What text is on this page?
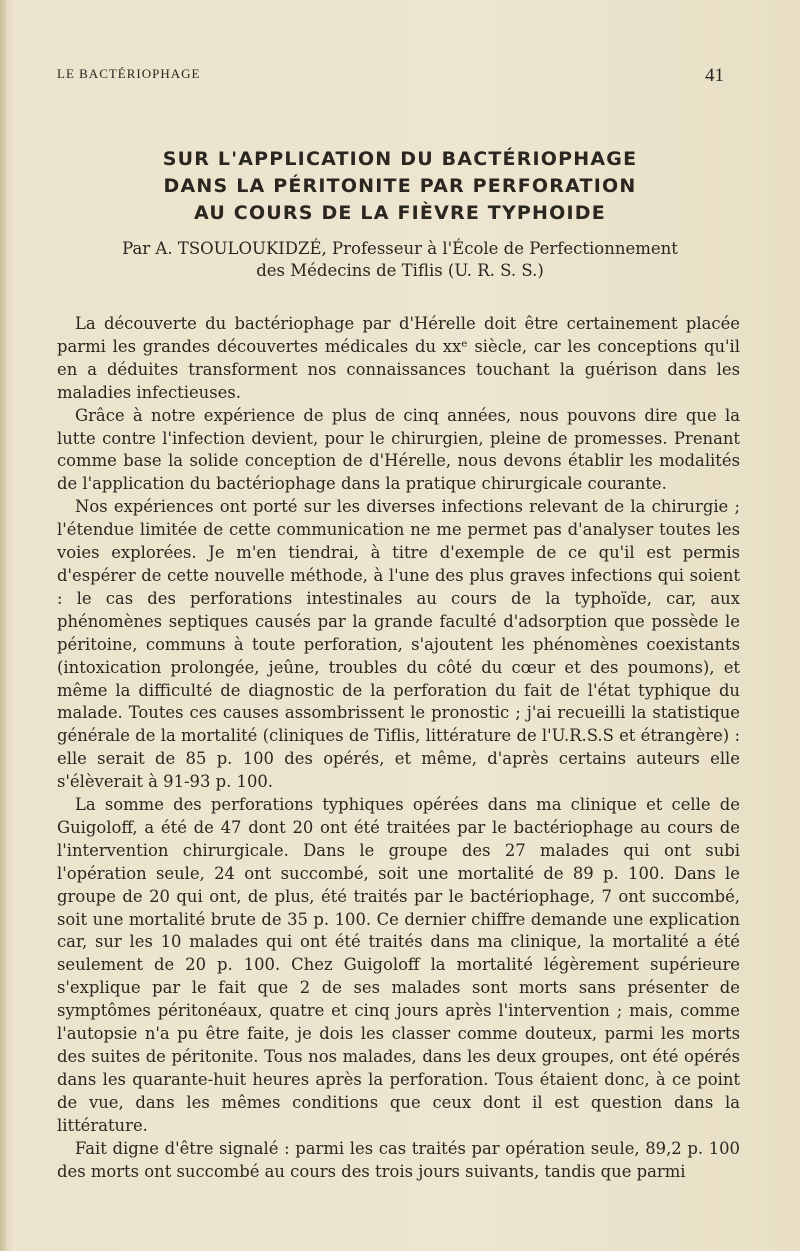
LE BACTÉRIOPHAGE	41
SUR L'APPLICATION DU BACTÉRIOPHAGE
DANS LA PÉRITONITE PAR PERFORATION
AU COURS DE LA FIÈVRE TYPHOIDE
Par A. TSOULOUKIDZÉ, Professeur à l'École de Perfectionnement
des Médecins de Tiflis (U. R. S. S.)

La découverte du bactériophage par d'Hérelle doit être certainement placée parmi les grandes découvertes médicales du xxᵉ siècle, car les conceptions qu'il en a déduites transforment nos connaissances touchant la guérison dans les maladies infectieuses.

Grâce à notre expérience de plus de cinq années, nous pouvons dire que la lutte contre l'infection devient, pour le chirurgien, pleine de promesses. Prenant comme base la solide conception de d'Hérelle, nous devons établir les modalités de l'application du bactériophage dans la pratique chirurgicale courante.

Nos expériences ont porté sur les diverses infections relevant de la chirurgie ; l'étendue limitée de cette communication ne me permet pas d'analyser toutes les voies explorées. Je m'en tiendrai, à titre d'exemple de ce qu'il est permis d'espérer de cette nouvelle méthode, à l'une des plus graves infections qui soient : le cas des perforations intestinales au cours de la typhoïde, car, aux phénomènes septiques causés par la grande faculté d'adsorption que possède le péritoine, communs à toute perforation, s'ajoutent les phénomènes coexistants (intoxication prolongée, jeûne, troubles du côté du cœur et des poumons), et même la difficulté de diagnostic de la perforation du fait de l'état typhique du malade. Toutes ces causes assombrissent le pronostic ; j'ai recueilli la statistique générale de la mortalité (cliniques de Tiflis, littérature de l'U.R.S.S et étrangère) : elle serait de 85 p. 100 des opérés, et même, d'après certains auteurs elle s'élèverait à 91-93 p. 100.

La somme des perforations typhiques opérées dans ma clinique et celle de Guigoloff, a été de 47 dont 20 ont été traitées par le bactériophage au cours de l'intervention chirurgicale. Dans le groupe des 27 malades qui ont subi l'opération seule, 24 ont succombé, soit une mortalité de 89 p. 100. Dans le groupe de 20 qui ont, de plus, été traités par le bactériophage, 7 ont succombé, soit une mortalité brute de 35 p. 100. Ce dernier chiffre demande une explication car, sur les 10 malades qui ont été traités dans ma clinique, la mortalité a été seulement de 20 p. 100. Chez Guigoloff la mortalité légèrement supérieure s'explique par le fait que 2 de ses malades sont morts sans présenter de symptômes péritonéaux, quatre et cinq jours après l'intervention ; mais, comme l'autopsie n'a pu être faite, je dois les classer comme douteux, parmi les morts des suites de péritonite. Tous nos malades, dans les deux groupes, ont été opérés dans les quarante-huit heures après la perforation. Tous étaient donc, à ce point de vue, dans les mêmes conditions que ceux dont il est question dans la littérature.

Fait digne d'être signalé : parmi les cas traités par opération seule, 89,2 p. 100 des morts ont succombé au cours des trois jours suivants, tandis que parmi
